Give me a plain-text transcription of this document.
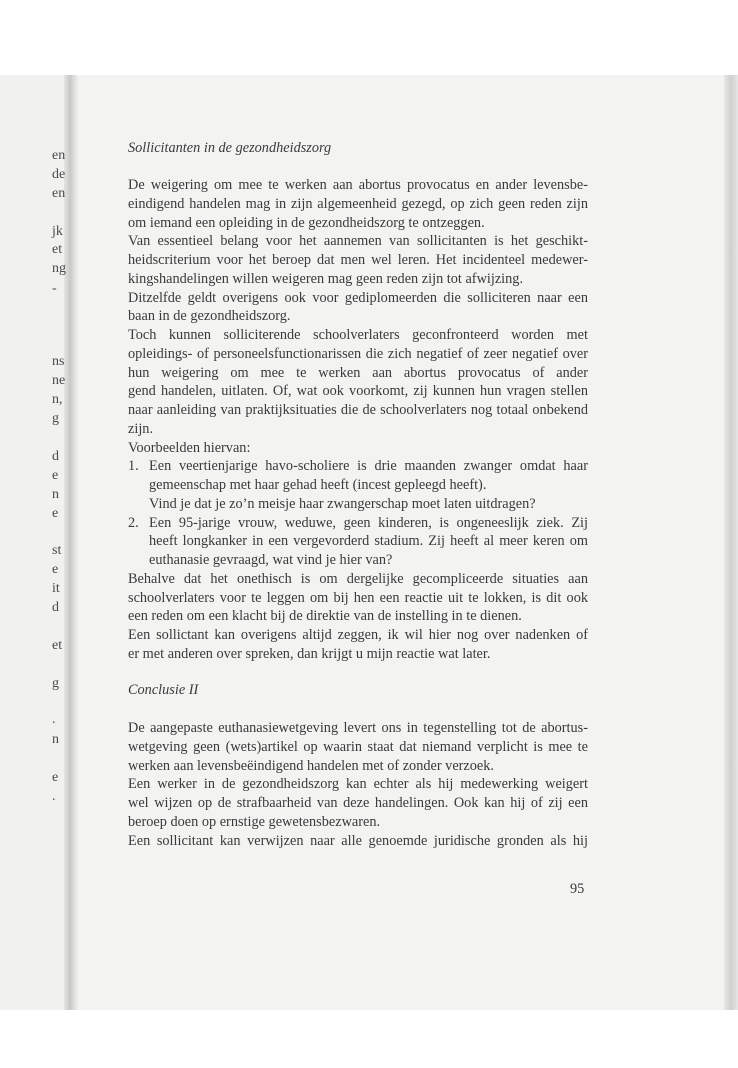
en
de
en
jk
et
ng
-
ns
ne
n,
g
d
e
n
e
st
e
it
d
et
g
.
n
e
.
Sollicitanten in de gezondheidszorg
De weigering om mee te werken aan abortus provocatus en ander levensbe-
eindigend handelen mag in zijn algemeenheid gezegd, op zich geen reden zijn
om iemand een opleiding in de gezondheidszorg te ontzeggen.
Van essentieel belang voor het aannemen van sollicitanten is het geschikt-
heidscriterium voor het beroep dat men wel leren. Het incidenteel medewer-
kingshandelingen willen weigeren mag geen reden zijn tot afwijzing.
Ditzelfde geldt overigens ook voor gediplomeerden die solliciteren naar een
baan in de gezondheidszorg.
Toch kunnen solliciterende schoolverlaters geconfronteerd worden met
opleidings- of personeelsfunctionarissen die zich negatief of zeer negatief over
hun weigering om mee te werken aan abortus provocatus of ander
gend handelen, uitlaten. Of, wat ook voorkomt, zij kunnen hun vragen stellen
naar aanleiding van praktijksituaties die de schoolverlaters nog totaal onbekend
zijn.
Voorbeelden hiervan:
1. Een veertienjarige havo-scholiere is drie maanden zwanger omdat haar
gemeenschap met haar gehad heeft (incest gepleegd heeft).
Vind je dat je zo’n meisje haar zwangerschap moet laten uitdragen?
2. Een 95-jarige vrouw, weduwe, geen kinderen, is ongeneeslijk ziek. Zij
heeft longkanker in een vergevorderd stadium. Zij heeft al meer keren om
euthanasie gevraagd, wat vind je hier van?
Behalve dat het onethisch is om dergelijke gecompliceerde situaties aan
schoolverlaters voor te leggen om bij hen een reactie uit te lokken, is dit ook
een reden om een klacht bij de direktie van de instelling in te dienen.
Een sollictant kan overigens altijd zeggen, ik wil hier nog over nadenken of
er met anderen over spreken, dan krijgt u mijn reactie wat later.
Conclusie II
De aangepaste euthanasiewetgeving levert ons in tegenstelling tot de abortus-
wetgeving geen (wets)artikel op waarin staat dat niemand verplicht is mee te
werken aan levensbeëindigend handelen met of zonder verzoek.
Een werker in de gezondheidszorg kan echter als hij medewerking weigert
wel wijzen op de strafbaarheid van deze handelingen. Ook kan hij of zij een
beroep doen op ernstige gewetensbezwaren.
Een sollicitant kan verwijzen naar alle genoemde juridische gronden als hij
95
